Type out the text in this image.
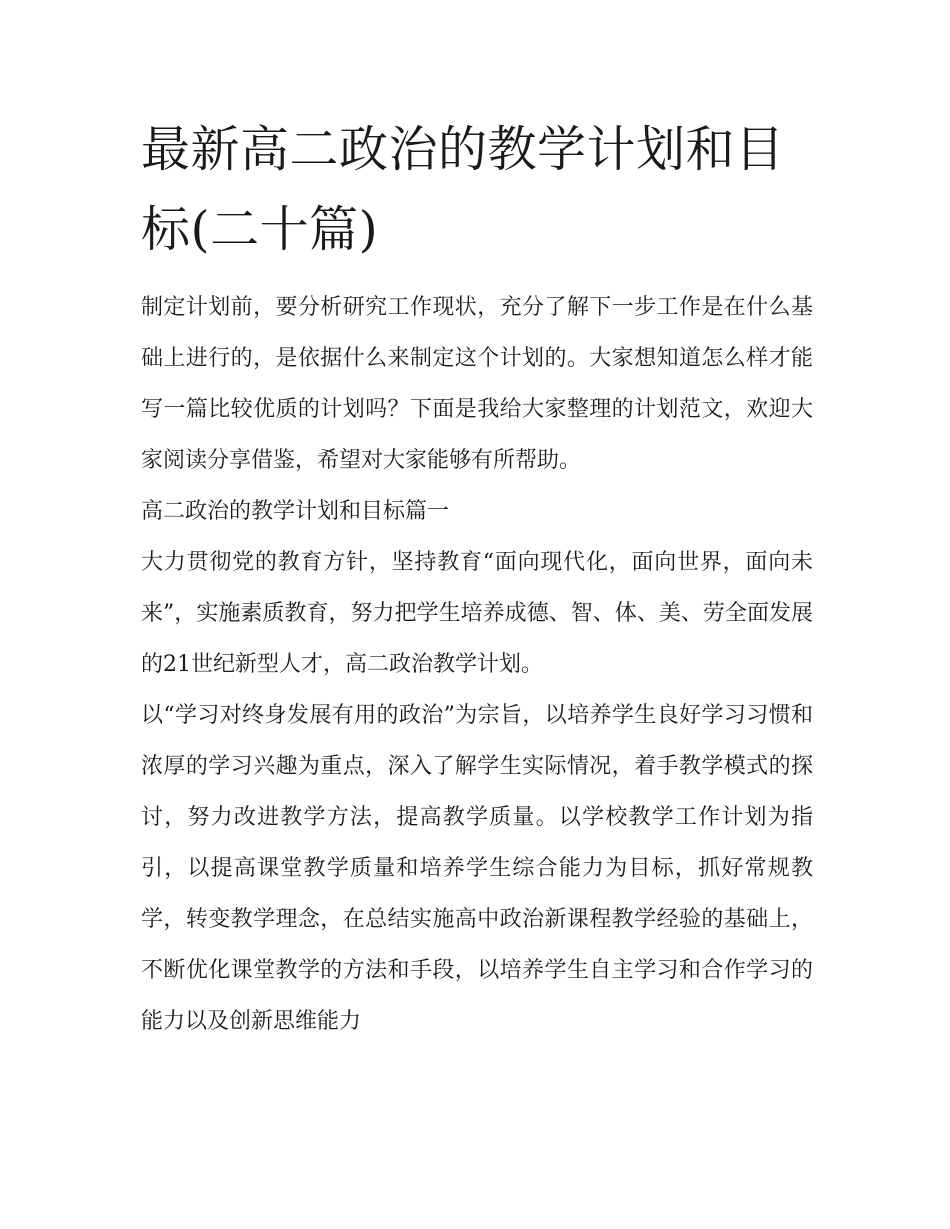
最新高二政治的教学计划和目标(二十篇)

制定计划前，要分析研究工作现状，充分了解下一步工作是在什么基础上进行的，是依据什么来制定这个计划的。大家想知道怎么样才能写一篇比较优质的计划吗？下面是我给大家整理的计划范文，欢迎大家阅读分享借鉴，希望对大家能够有所帮助。

高二政治的教学计划和目标篇一

大力贯彻党的教育方针，坚持教育“面向现代化，面向世界，面向未来”，实施素质教育，努力把学生培养成德、智、体、美、劳全面发展的21世纪新型人才，高二政治教学计划。

以“学习对终身发展有用的政治”为宗旨，以培养学生良好学习习惯和浓厚的学习兴趣为重点，深入了解学生实际情况，着手教学模式的探讨，努力改进教学方法，提高教学质量。以学校教学工作计划为指引，以提高课堂教学质量和培养学生综合能力为目标，抓好常规教学，转变教学理念，在总结实施高中政治新课程教学经验的基础上，不断优化课堂教学的方法和手段，以培养学生自主学习和合作学习的能力以及创新思维能力
